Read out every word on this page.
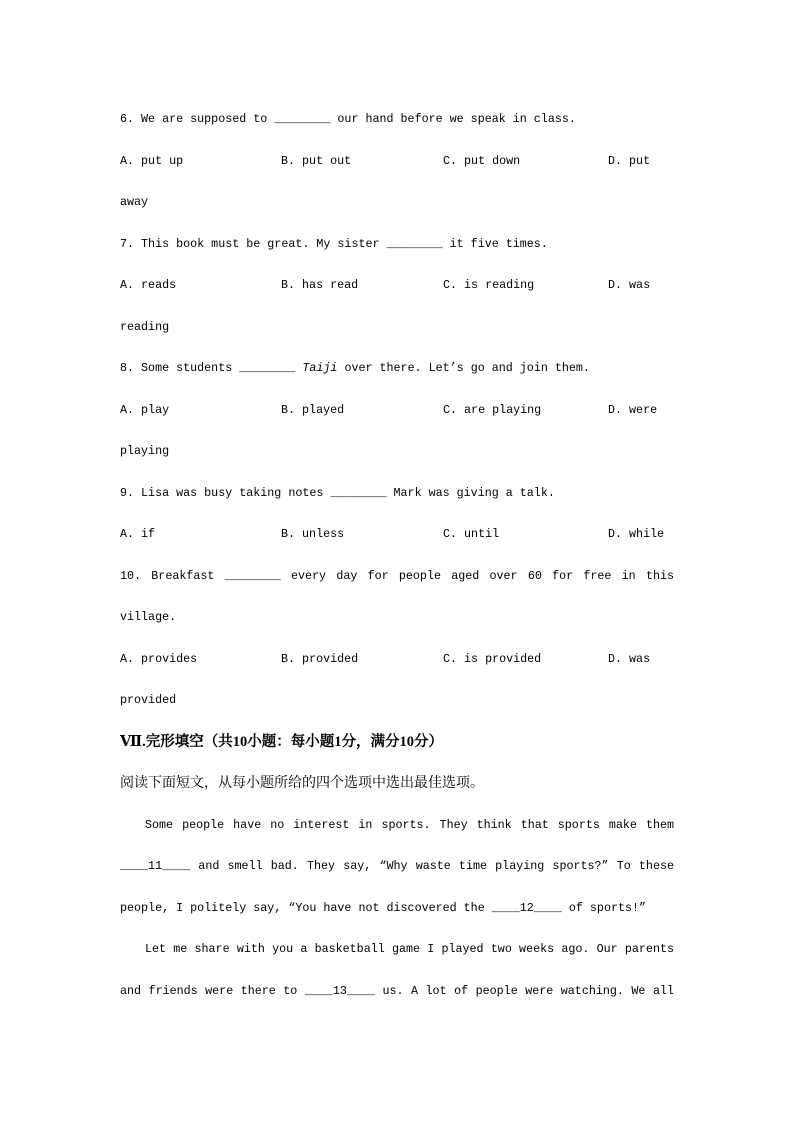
6. We are supposed to ________ our hand before we speak in class.
A. put up	B. put out	C. put down	D. put
away
7. This book must be great. My sister ________ it five times.
A. reads	B. has read	C. is reading	D. was
reading
8. Some students ________ Taiji over there. Let’s go and join them.
A. play	B. played	C. are playing	D. were
playing
9. Lisa was busy taking notes ________ Mark was giving a talk.
A. if	B. unless	C. until	D. while
10. Breakfast ________ every day for people aged over 60 for free in this
village.
A. provides	B. provided	C. is provided	D. was
provided
Ⅶ.完形填空（共10小题：每小题1分，满分10分）
阅读下面短文，从每小题所给的四个选项中选出最佳选项。
Some people have no interest in sports. They think that sports make them
____11____ and smell bad. They say, “Why waste time playing sports?” To these
people, I politely say, “You have not discovered the ____12____ of sports!”
Let me share with you a basketball game I played two weeks ago. Our parents
and friends were there to ____13____ us. A lot of people were watching. We all
